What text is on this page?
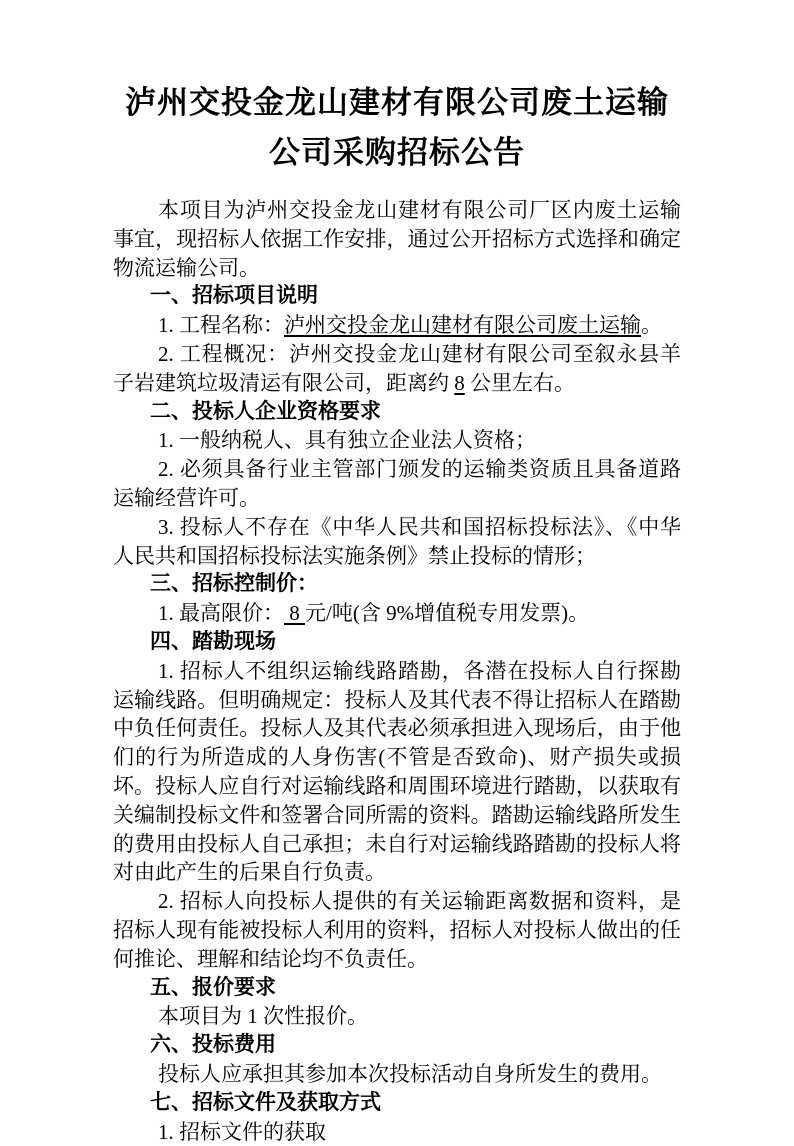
泸州交投金龙山建材有限公司废土运输公司采购招标公告

本项目为泸州交投金龙山建材有限公司厂区内废土运输事宜，现招标人依据工作安排，通过公开招标方式选择和确定物流运输公司。

一、招标项目说明

1. 工程名称：泸州交投金龙山建材有限公司废土运输。

2. 工程概况：泸州交投金龙山建材有限公司至叙永县羊子岩建筑垃圾清运有限公司，距离约 8 公里左右。

二、投标人企业资格要求

1. 一般纳税人、具有独立企业法人资格；

2. 必须具备行业主管部门颁发的运输类资质且具备道路运输经营许可。

3. 投标人不存在《中华人民共和国招标投标法》、《中华人民共和国招标投标法实施条例》禁止投标的情形；

三、招标控制价：

1. 最高限价： 8 元/吨(含 9%增值税专用发票)。

四、踏勘现场

1. 招标人不组织运输线路踏勘，各潜在投标人自行探勘运输线路。但明确规定：投标人及其代表不得让招标人在踏勘中负任何责任。投标人及其代表必须承担进入现场后，由于他们的行为所造成的人身伤害(不管是否致命)、财产损失或损坏。投标人应自行对运输线路和周围环境进行踏勘，以获取有关编制投标文件和签署合同所需的资料。踏勘运输线路所发生的费用由投标人自己承担；未自行对运输线路踏勘的投标人将对由此产生的后果自行负责。

2. 招标人向投标人提供的有关运输距离数据和资料，是招标人现有能被投标人利用的资料，招标人对投标人做出的任何推论、理解和结论均不负责任。

五、报价要求

本项目为 1 次性报价。

六、投标费用

投标人应承担其参加本次投标活动自身所发生的费用。

七、招标文件及获取方式

1. 招标文件的获取
